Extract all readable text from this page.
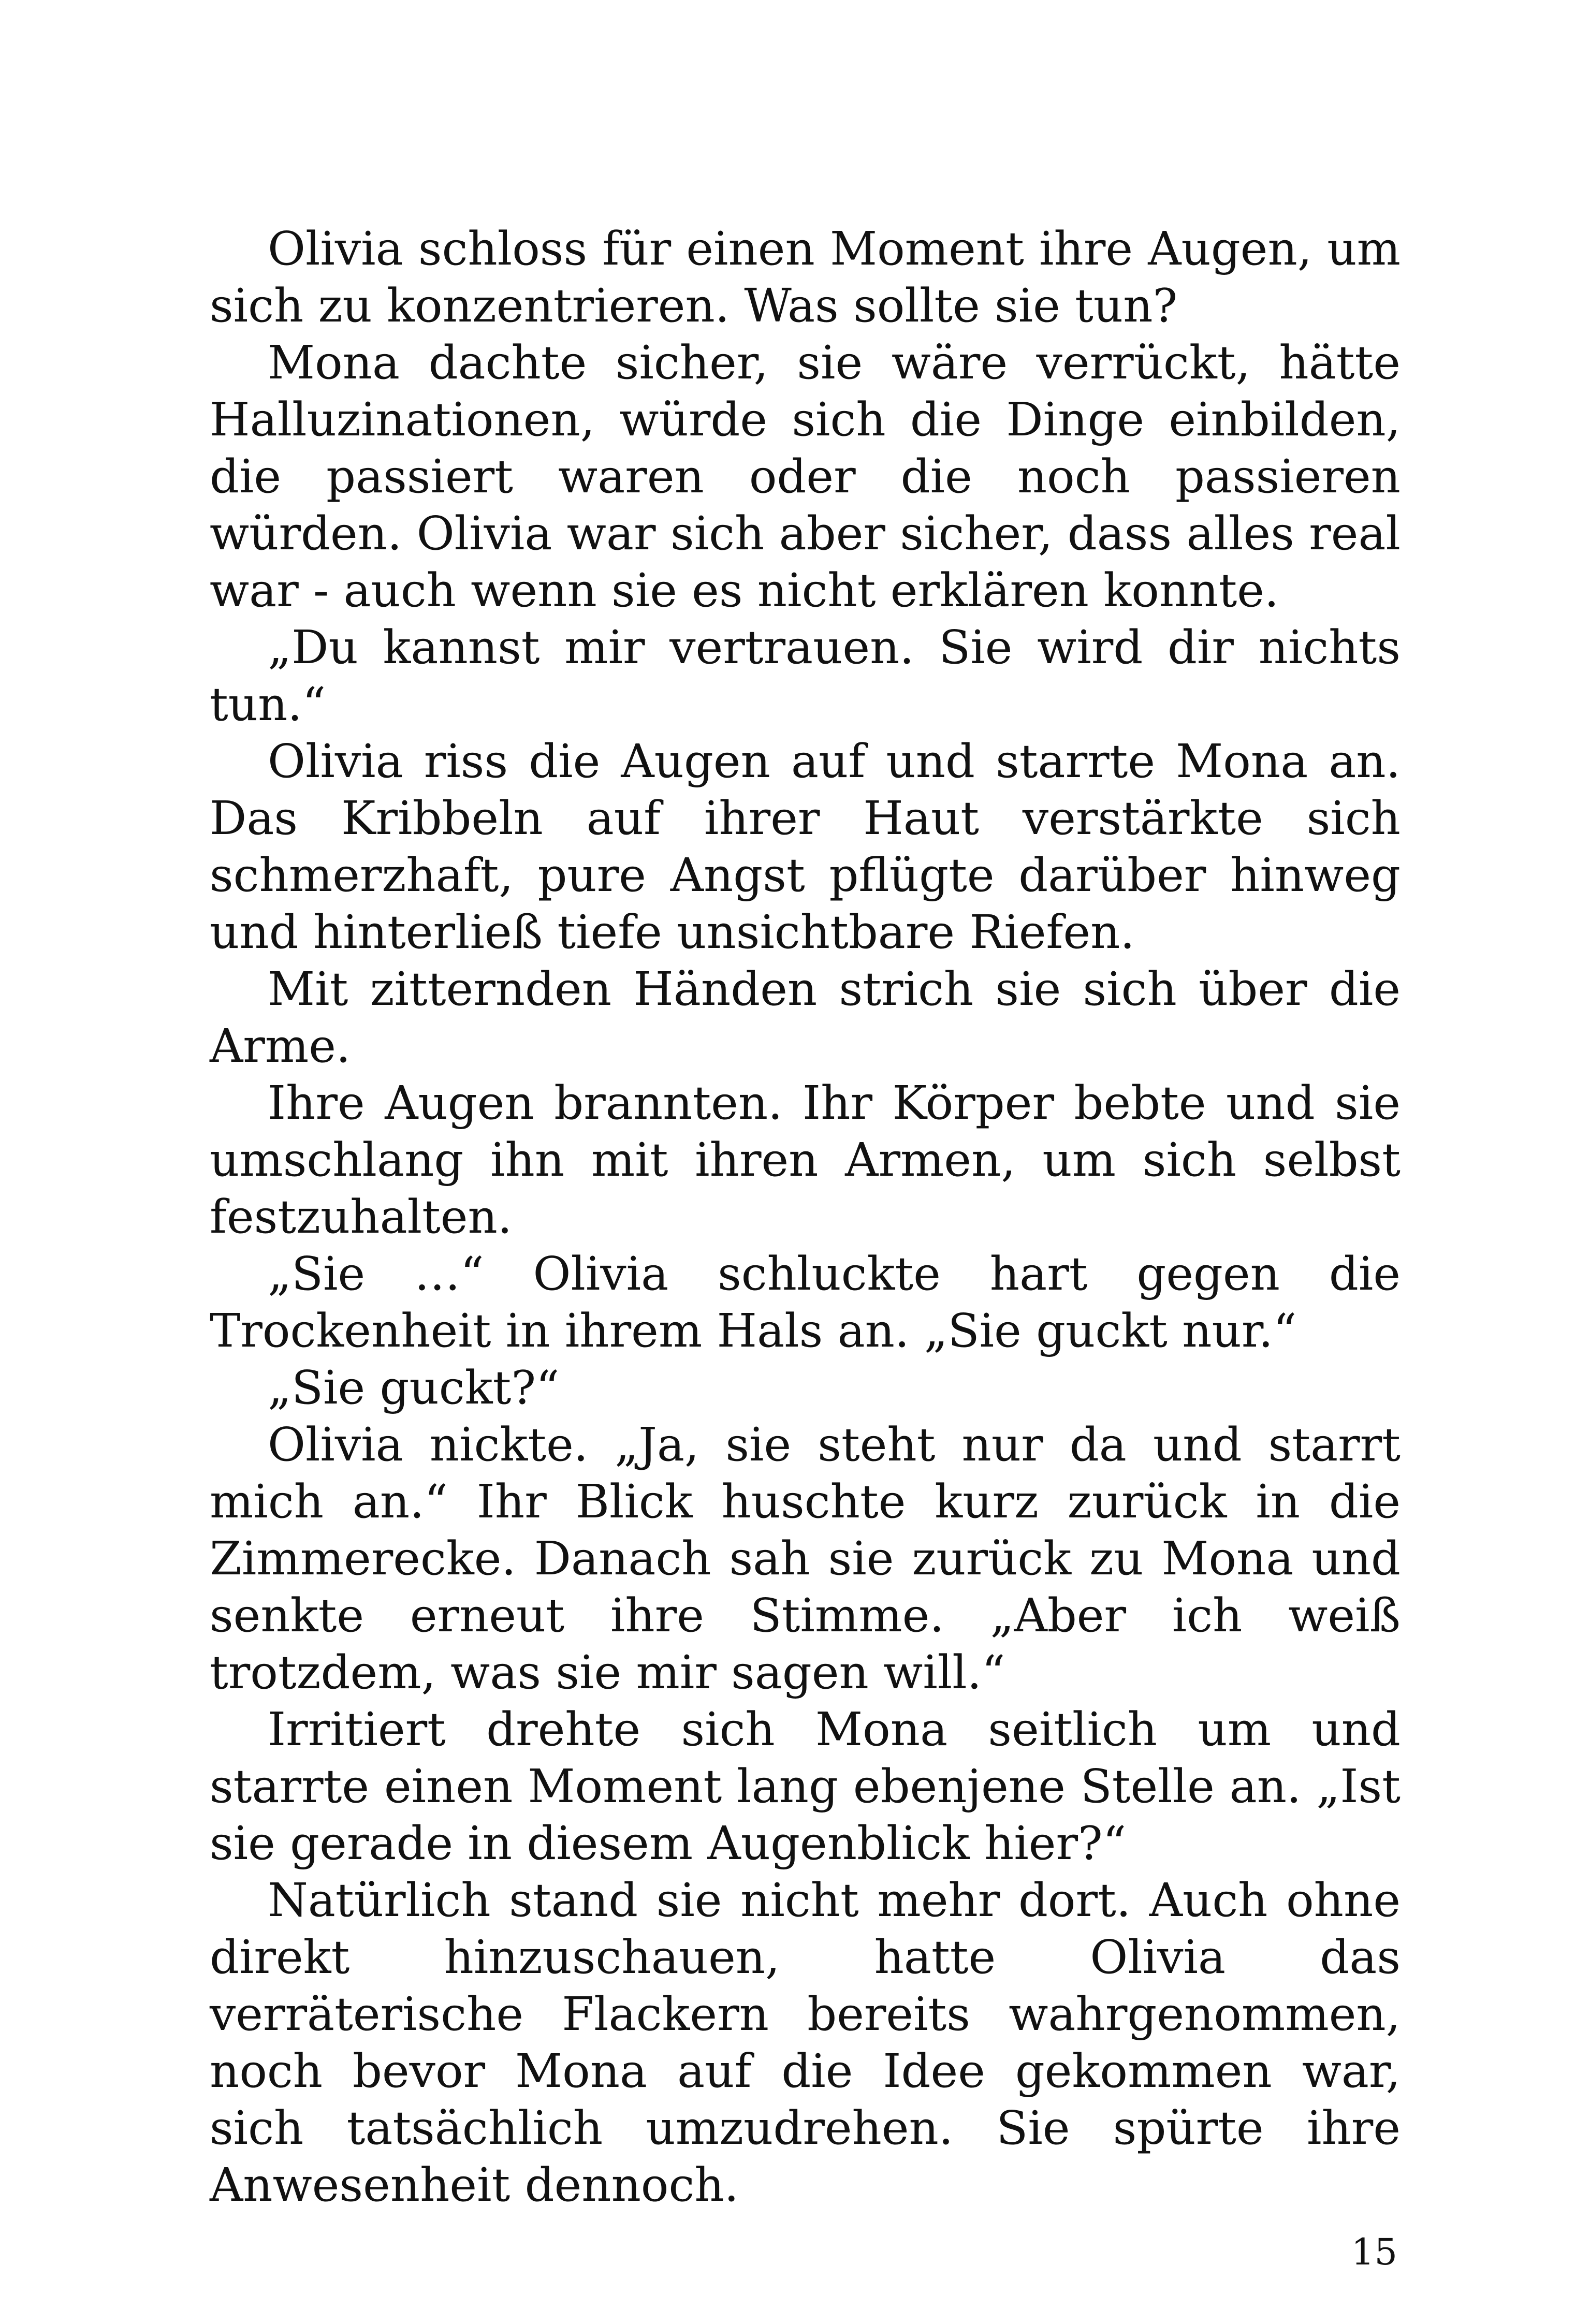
Olivia schloss für einen Moment ihre Augen, um sich zu konzentrieren. Was sollte sie tun?

Mona dachte sicher, sie wäre verrückt, hätte Halluzinationen, würde sich die Dinge einbilden, die passiert waren oder die noch passieren würden. Olivia war sich aber sicher, dass alles real war - auch wenn sie es nicht erklären konnte.

„Du kannst mir vertrauen. Sie wird dir nichts tun.“

Olivia riss die Augen auf und starrte Mona an. Das Kribbeln auf ihrer Haut verstärkte sich schmerzhaft, pure Angst pflügte darüber hinweg und hinterließ tiefe unsichtbare Riefen.

Mit zitternden Händen strich sie sich über die Arme.

Ihre Augen brannten. Ihr Körper bebte und sie umschlang ihn mit ihren Armen, um sich selbst festzuhalten.

„Sie …“ Olivia schluckte hart gegen die Trockenheit in ihrem Hals an. „Sie guckt nur.“

„Sie guckt?“

Olivia nickte. „Ja, sie steht nur da und starrt mich an.“ Ihr Blick huschte kurz zurück in die Zimmerecke. Danach sah sie zurück zu Mona und senkte erneut ihre Stimme. „Aber ich weiß trotzdem, was sie mir sagen will.“

Irritiert drehte sich Mona seitlich um und starrte einen Moment lang ebenjene Stelle an. „Ist sie gerade in diesem Augenblick hier?“

Natürlich stand sie nicht mehr dort. Auch ohne direkt hinzuschauen, hatte Olivia das verräterische Flackern bereits wahrgenommen, noch bevor Mona auf die Idee gekommen war, sich tatsächlich umzudrehen. Sie spürte ihre Anwesenheit dennoch.

15
